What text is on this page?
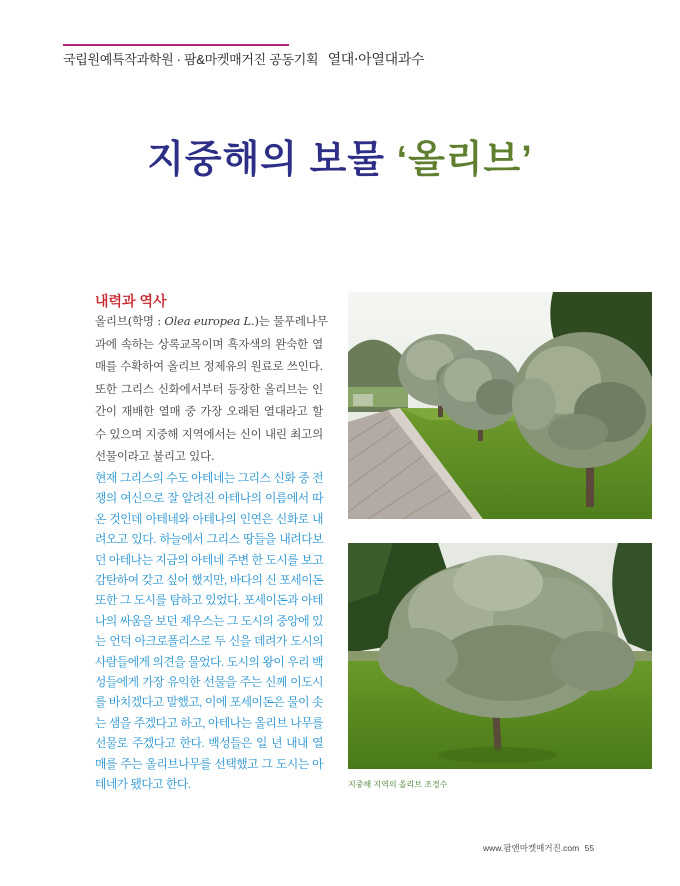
국립원예특작과학원 · 팜&마켓매거진 공동기획 열대·아열대과수
지중해의 보물 ‘올리브’
내력과 역사
올리브(학명 : Olea europea L.)는 물푸레나무
과에 속하는 상록교목이며 흑자색의 완숙한 열
매를 수확하여 올리브 정제유의 원료로 쓰인다.
또한 그리스 신화에서부터 등장한 올리브는 인
간이 재배한 열매 중 가장 오래된 열대라고 할
수 있으며 지중해 지역에서는 신이 내린 최고의
선물이라고 불리고 있다.
현재 그리스의 수도 아테네는 그리스 신화 중 전
쟁의 여신으로 잘 알려진 아테나의 이름에서 따
온 것인데 아테네와 아테나의 인연은 신화로 내
려오고 있다. 하늘에서 그리스 땅들을 내려다보
던 아테나는 지금의 아테네 주변 한 도시를 보고
감탄하여 갖고 싶어 했지만, 바다의 신 포세이돈
또한 그 도시를 탐하고 있었다. 포세이돈과 아테
나의 싸움을 보던 제우스는 그 도시의 중앙에 있
는 언덕 아크로폴리스로 두 신을 데려가 도시의
사람들에게 의견을 물었다. 도시의 왕이 우리 백
성들에게 가장 유익한 선물을 주는 신께 이도시
를 바치겠다고 말했고, 이에 포세이돈은 물이 솟
는 샘을 주겠다고 하고, 아테나는 올리브 나무를
선물로 주겠다고 한다. 백성들은 일 년 내내 열
매를 주는 올리브나무를 선택했고 그 도시는 아
테네가 됐다고 한다.	지중해 지역의 올리브 조경수
www.팜앤마켓매거진.com 55
